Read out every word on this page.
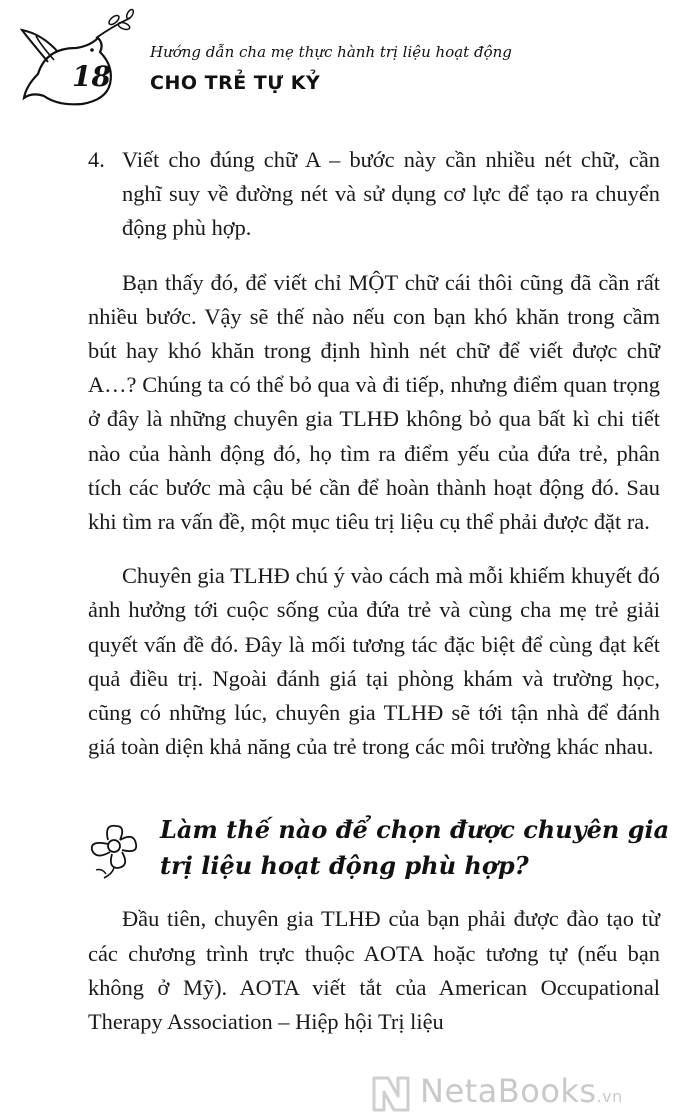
18
Hướng dẫn cha mẹ thực hành trị liệu hoạt động
CHO TRẺ TỰ KỶ
4. Viết cho đúng chữ A – bước này cần nhiều nét chữ, cần nghĩ suy về đường nét và sử dụng cơ lực để tạo ra chuyển động phù hợp.

Bạn thấy đó, để viết chỉ MỘT chữ cái thôi cũng đã cần rất nhiều bước. Vậy sẽ thế nào nếu con bạn khó khăn trong cầm bút hay khó khăn trong định hình nét chữ để viết được chữ A…? Chúng ta có thể bỏ qua và đi tiếp, nhưng điểm quan trọng ở đây là những chuyên gia TLHĐ không bỏ qua bất kì chi tiết nào của hành động đó, họ tìm ra điểm yếu của đứa trẻ, phân tích các bước mà cậu bé cần để hoàn thành hoạt động đó. Sau khi tìm ra vấn đề, một mục tiêu trị liệu cụ thể phải được đặt ra.

Chuyên gia TLHĐ chú ý vào cách mà mỗi khiếm khuyết đó ảnh hưởng tới cuộc sống của đứa trẻ và cùng cha mẹ trẻ giải quyết vấn đề đó. Đây là mối tương tác đặc biệt để cùng đạt kết quả điều trị. Ngoài đánh giá tại phòng khám và trường học, cũng có những lúc, chuyên gia TLHĐ sẽ tới tận nhà để đánh giá toàn diện khả năng của trẻ trong các môi trường khác nhau.

Làm thế nào để chọn được chuyên gia trị liệu hoạt động phù hợp?

Đầu tiên, chuyên gia TLHĐ của bạn phải được đào tạo từ các chương trình trực thuộc AOTA hoặc tương tự (nếu bạn không ở Mỹ). AOTA viết tắt của American Occupational Therapy Association – Hiệp hội Trị liệu

NetaBooks.vn
